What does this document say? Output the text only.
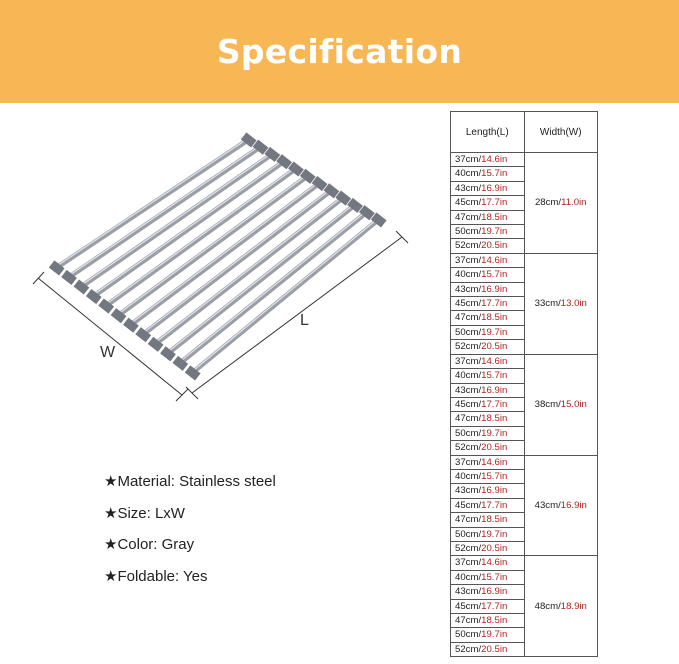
Specification
W
L
★Material: Stainless steel
★Size: LxW
★Color: Gray
★Foldable: Yes
Length(L)	Width(W)
37cm/14.6in	28cm/11.0in
40cm/15.7in	
43cm/16.9in	
45cm/17.7in	
47cm/18.5in	
50cm/19.7in	
52cm/20.5in	
37cm/14.6in	33cm/13.0in
40cm/15.7in	
43cm/16.9in	
45cm/17.7in	
47cm/18.5in	
50cm/19.7in	
52cm/20.5in	
37cm/14.6in	38cm/15.0in
40cm/15.7in	
43cm/16.9in	
45cm/17.7in	
47cm/18.5in	
50cm/19.7in	
52cm/20.5in	
37cm/14.6in	43cm/16.9in
40cm/15.7in	
43cm/16.9in	
45cm/17.7in	
47cm/18.5in	
50cm/19.7in	
52cm/20.5in	
37cm/14.6in	48cm/18.9in
40cm/15.7in	
43cm/16.9in	
45cm/17.7in	
47cm/18.5in	
50cm/19.7in	
52cm/20.5in	
